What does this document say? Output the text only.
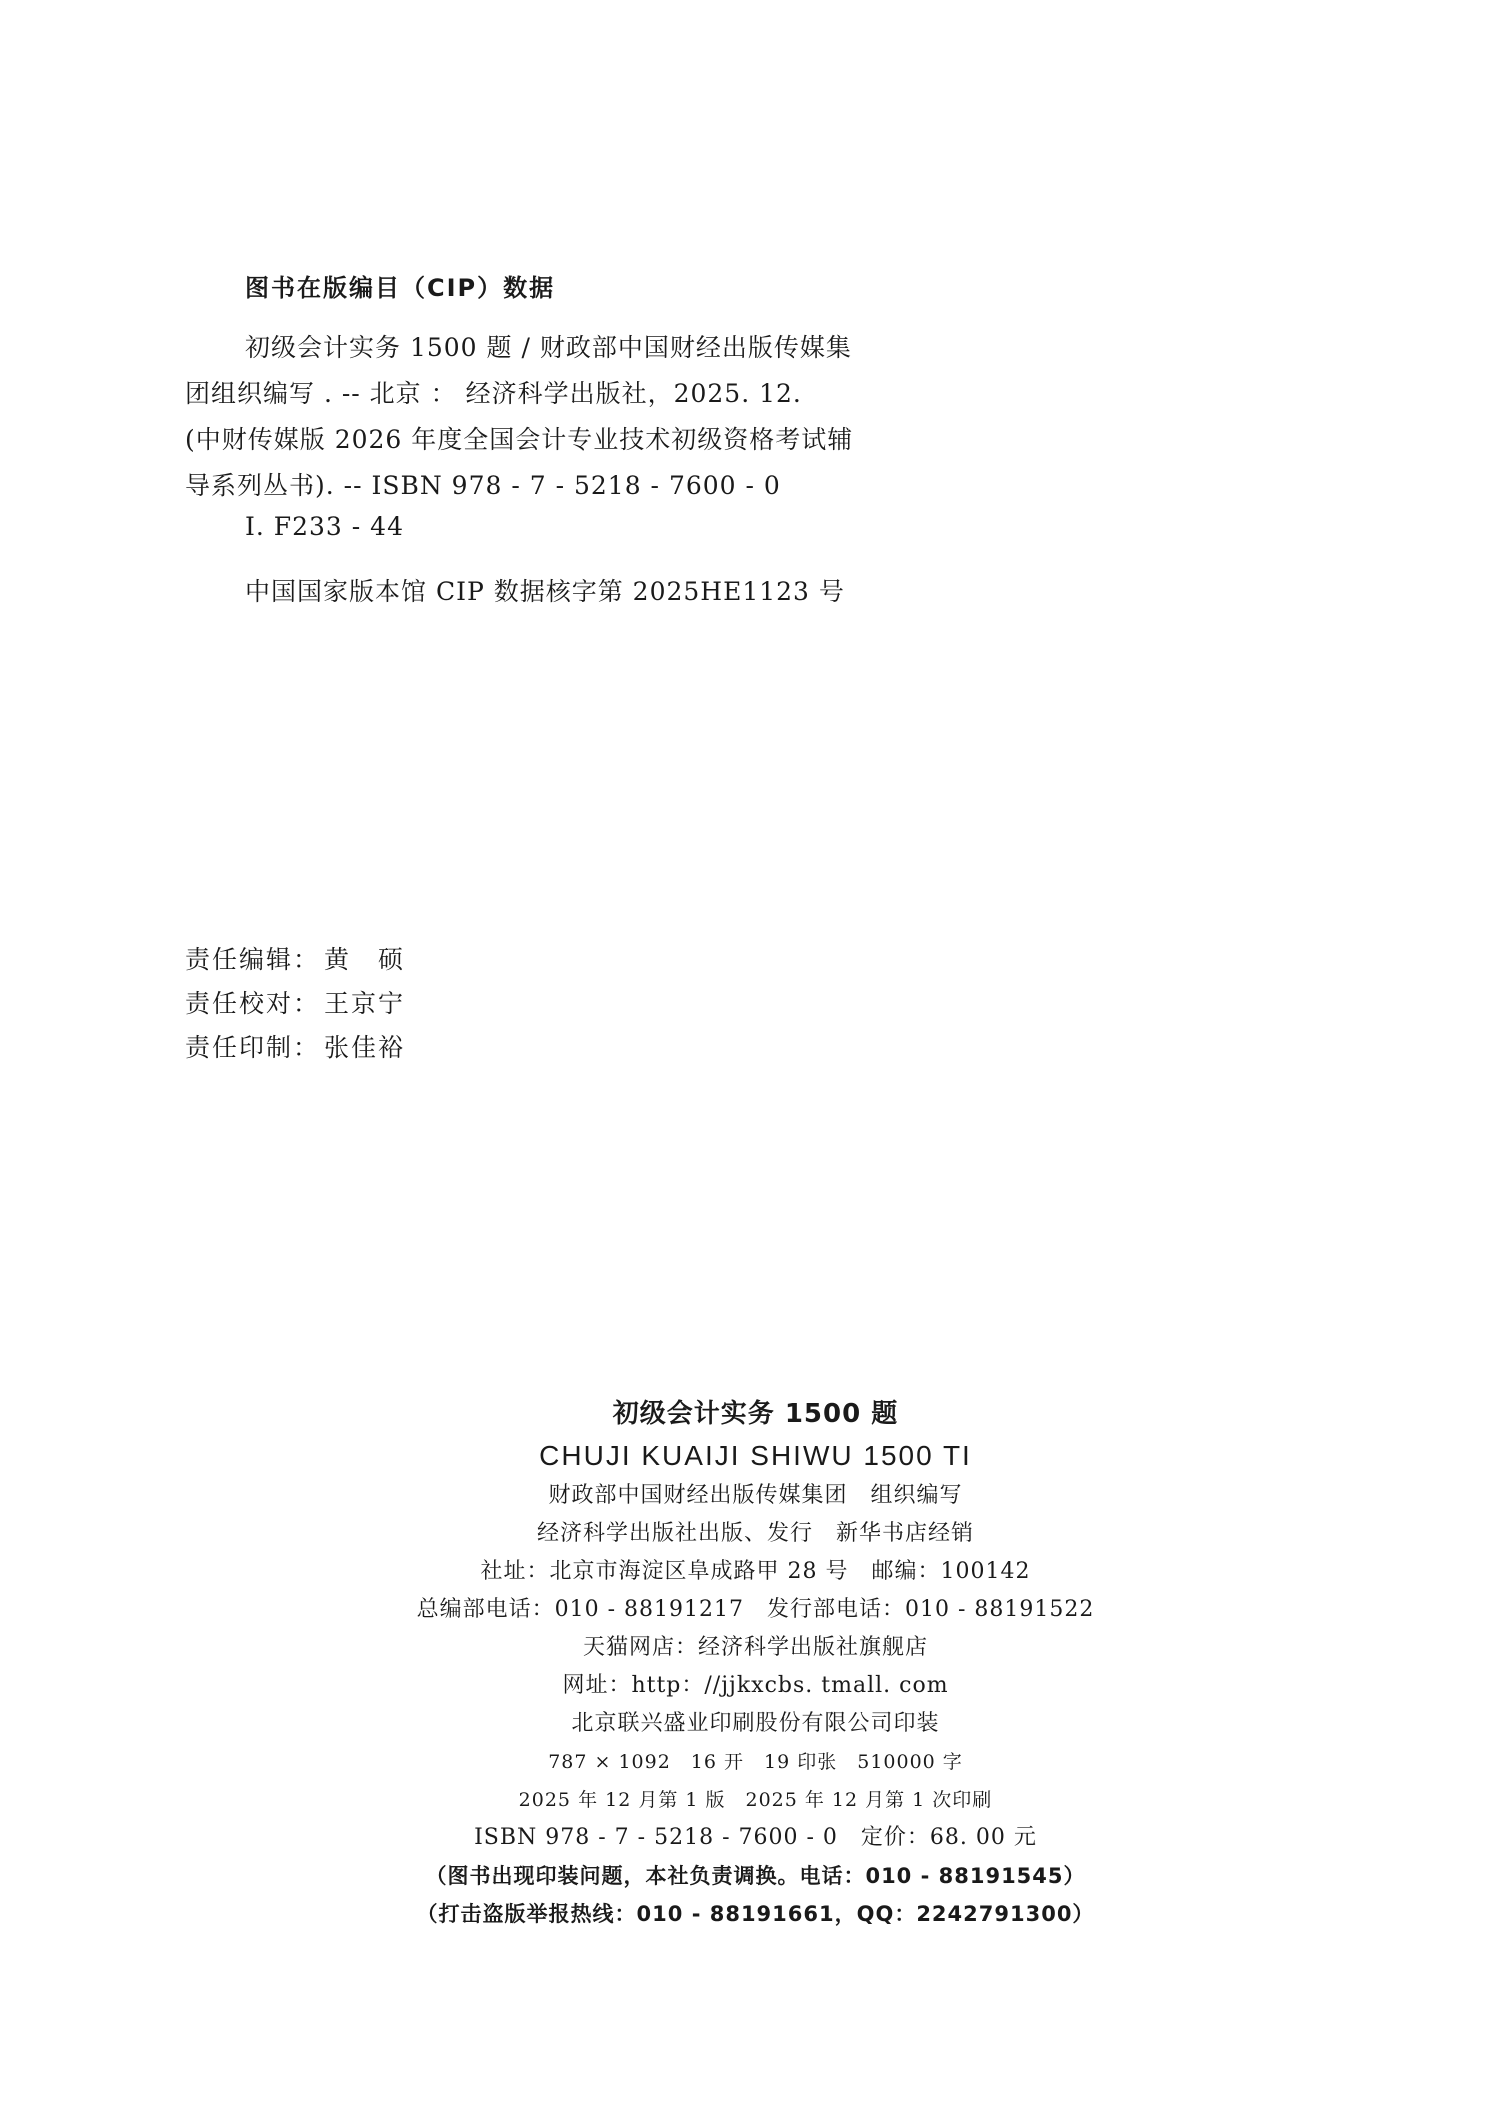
图书在版编目（CIP）数据
初级会计实务 1500 题 / 财政部中国财经出版传媒集
团组织编写 . -- 北京 ： 经济科学出版社，2025. 12.
(中财传媒版 2026 年度全国会计专业技术初级资格考试辅
导系列丛书). -- ISBN 978 - 7 - 5218 - 7600 - 0
Ⅰ. F233 - 44
中国国家版本馆 CIP 数据核字第 2025HE1123 号
责任编辑： 黄　硕
责任校对： 王京宁
责任印制： 张佳裕
初级会计实务 1500 题
CHUJI KUAIJI SHIWU 1500 TI
财政部中国财经出版传媒集团　组织编写
经济科学出版社出版、发行　新华书店经销
社址：北京市海淀区阜成路甲 28 号　邮编：100142
总编部电话：010 - 88191217　发行部电话：010 - 88191522
天猫网店：经济科学出版社旗舰店
网址：http：//jjkxcbs. tmall. com
北京联兴盛业印刷股份有限公司印装
787 × 1092　16 开　19 印张　510000 字
2025 年 12 月第 1 版　2025 年 12 月第 1 次印刷
ISBN 978 - 7 - 5218 - 7600 - 0　定价：68. 00 元
（图书出现印装问题，本社负责调换。电话：010 - 88191545）
（打击盗版举报热线：010 - 88191661，QQ：2242791300）
